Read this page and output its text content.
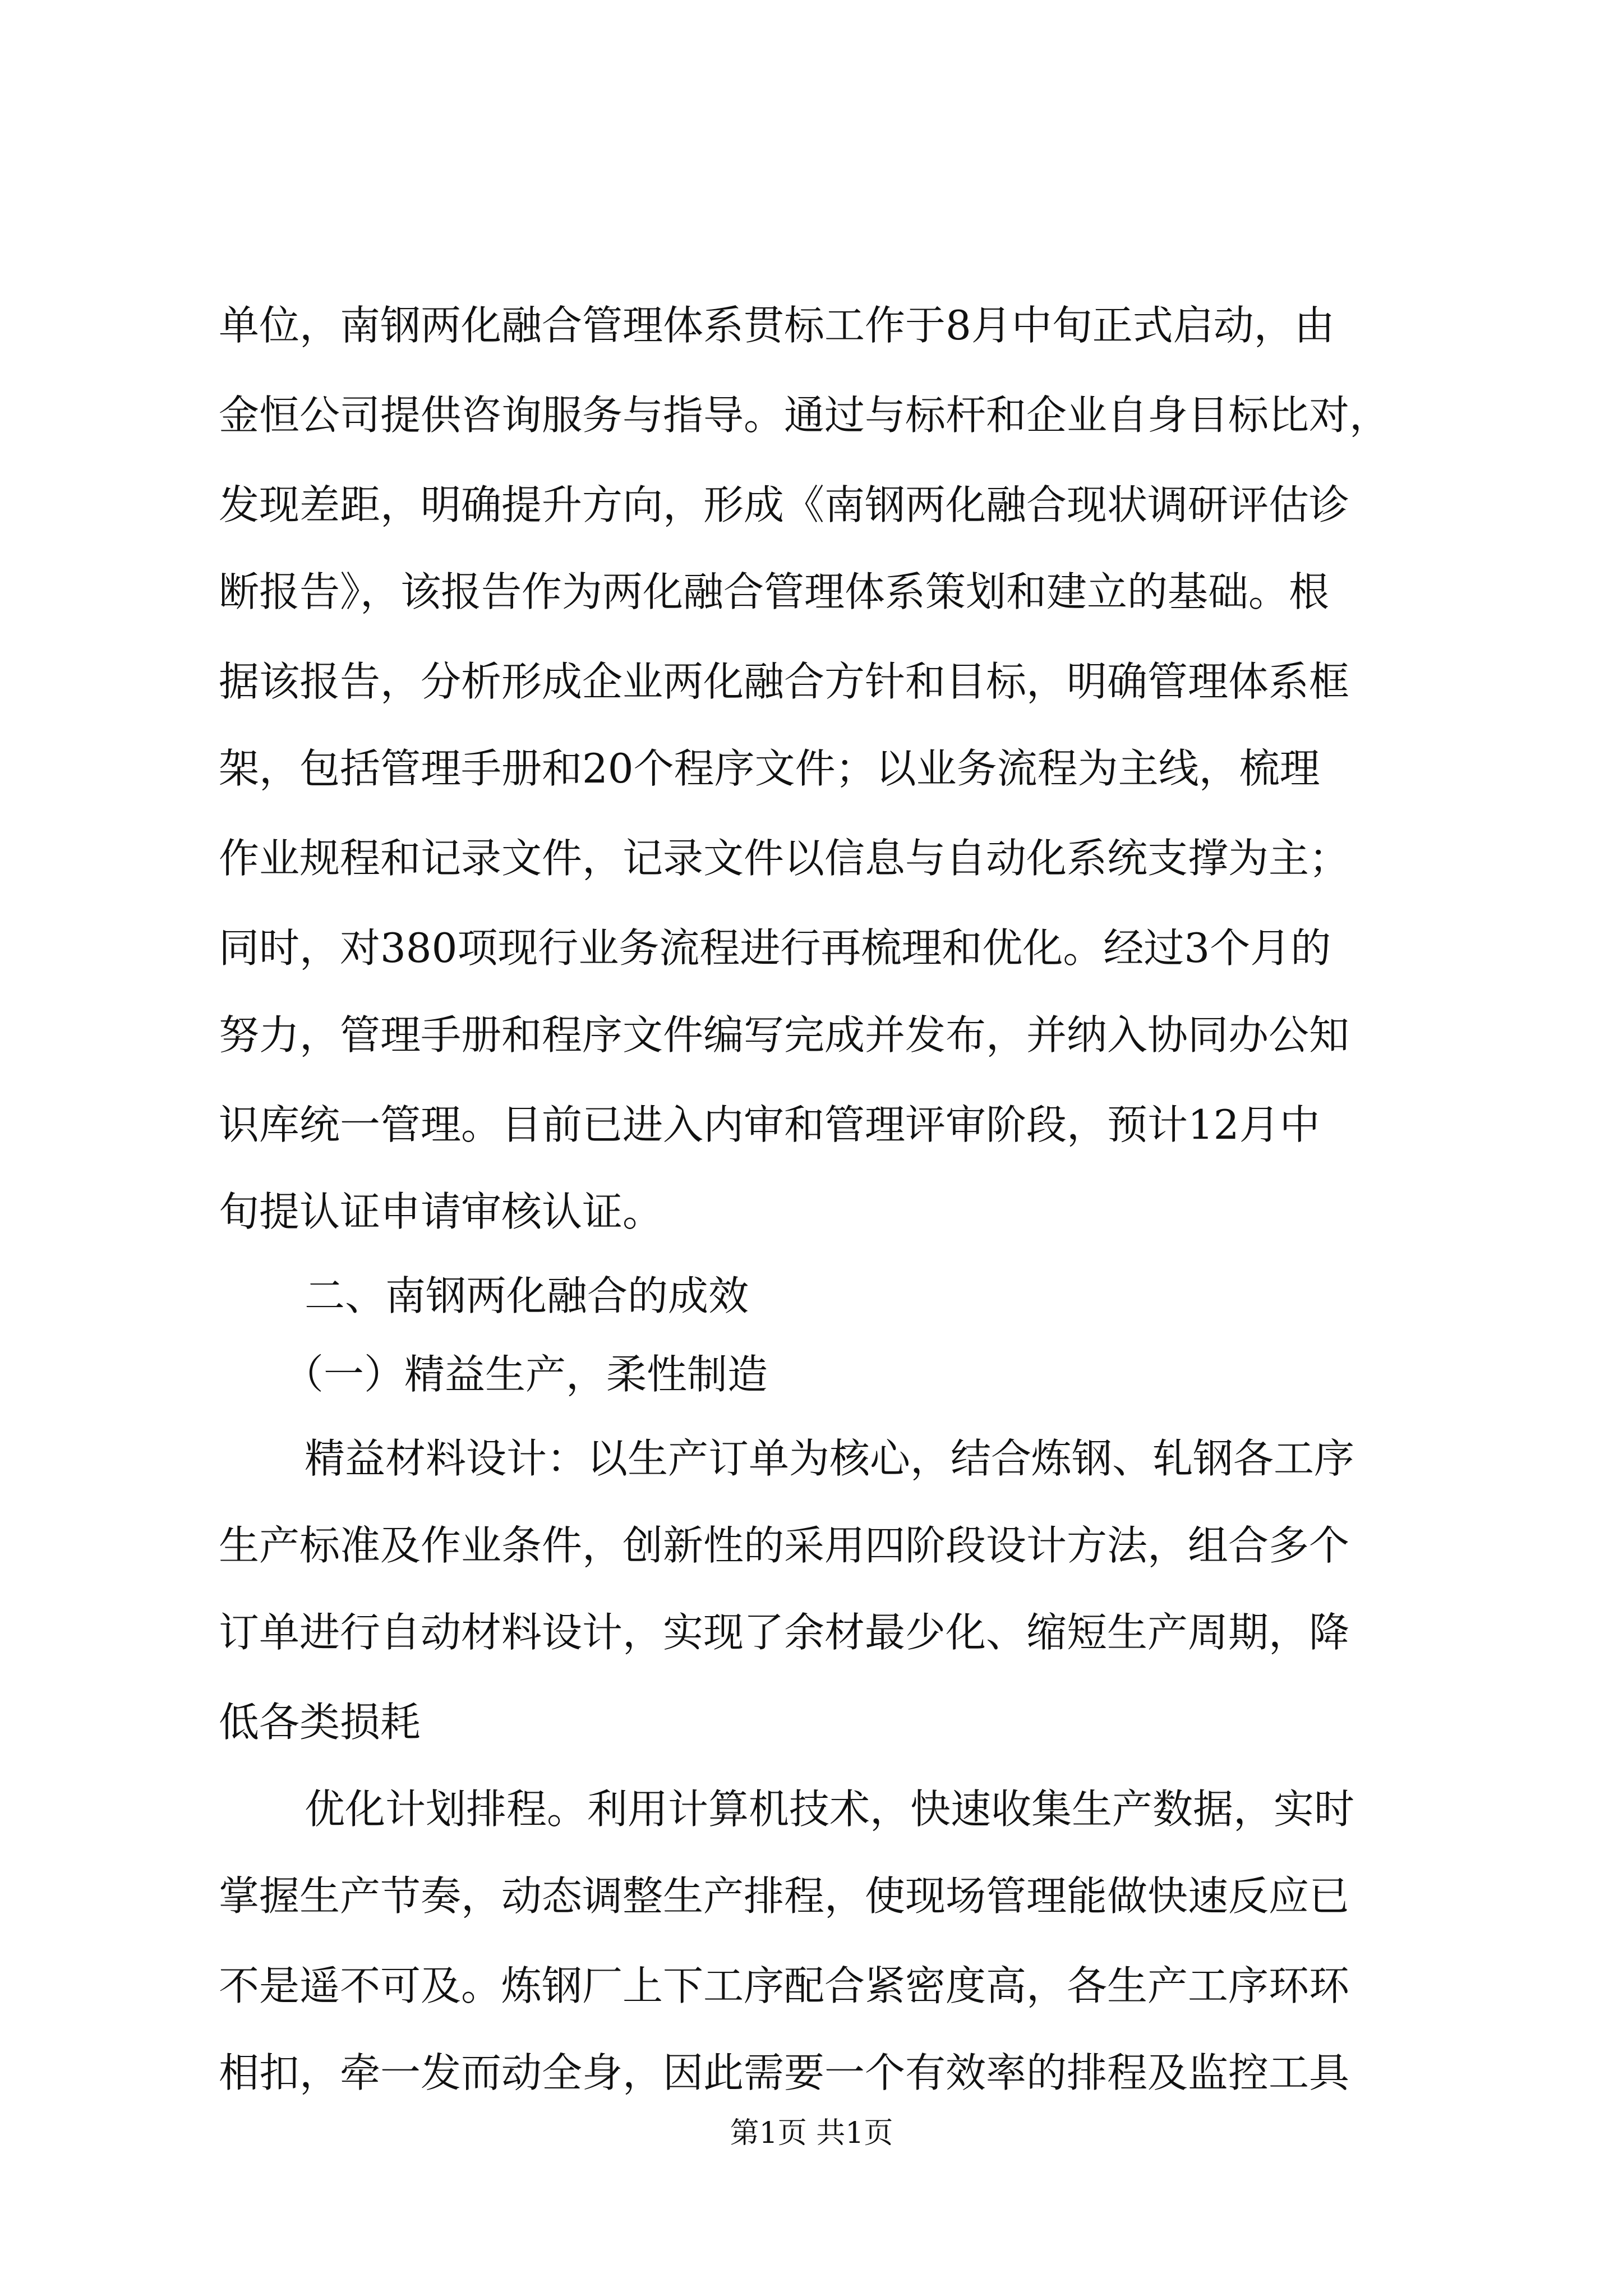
单位，南钢两化融合管理体系贯标工作于8月中旬正式启动，由
金恒公司提供咨询服务与指导。通过与标杆和企业自身目标比对，
发现差距，明确提升方向，形成《南钢两化融合现状调研评估诊
断报告》，该报告作为两化融合管理体系策划和建立的基础。根
据该报告，分析形成企业两化融合方针和目标，明确管理体系框
架，包括管理手册和20个程序文件；以业务流程为主线，梳理
作业规程和记录文件，记录文件以信息与自动化系统支撑为主；
同时，对380项现行业务流程进行再梳理和优化。经过3个月的
努力，管理手册和程序文件编写完成并发布，并纳入协同办公知
识库统一管理。目前已进入内审和管理评审阶段，预计12月中
旬提认证申请审核认证。
二、南钢两化融合的成效
（一）精益生产，柔性制造
精益材料设计：以生产订单为核心，结合炼钢、轧钢各工序
生产标准及作业条件，创新性的采用四阶段设计方法，组合多个
订单进行自动材料设计，实现了余材最少化、缩短生产周期，降
低各类损耗
优化计划排程。利用计算机技术，快速收集生产数据，实时
掌握生产节奏，动态调整生产排程，使现场管理能做快速反应已
不是遥不可及。炼钢厂上下工序配合紧密度高，各生产工序环环
相扣，牵一发而动全身，因此需要一个有效率的排程及监控工具
第1页 共1页
